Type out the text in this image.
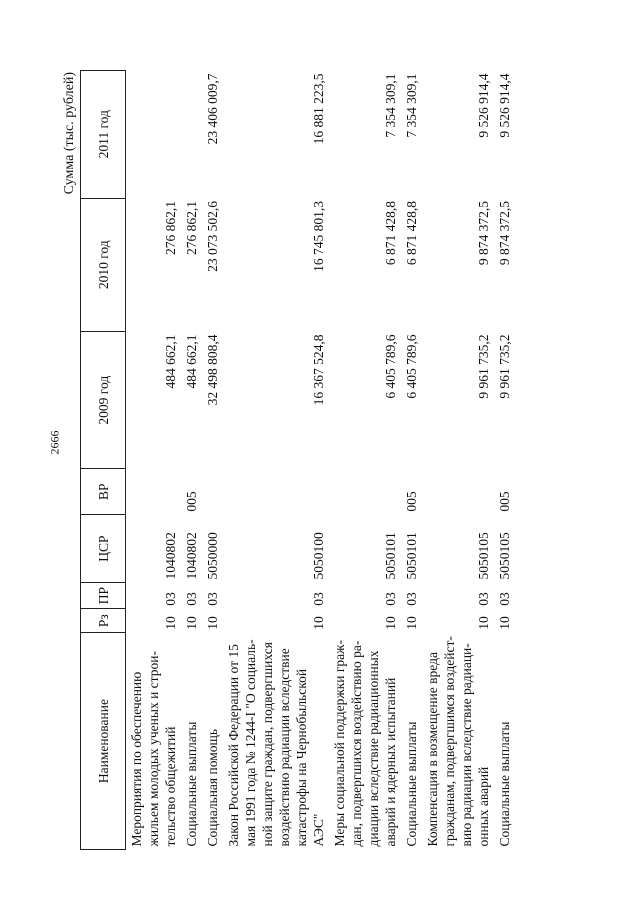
2666
Сумма (тыс. рублей)
Наименование	Рз	ПР	ЦСР	ВР	2009 год	2010 год	2011 год
Мероприятия по обеспечению жильем молодых ученых и строи-тельство общежитий	10	03	1040802		484 662,1	276 862,1	
Социальные выплаты	10	03	1040802	005	484 662,1	276 862,1	
Социальная помощь	10	03	5050000		32 498 808,4	23 073 502,6	23 406 009,7
Закон Российской Федерации от 15 мая 1991 года № 1244-I "О социаль-ной защите граждан, подвергшихся воздействию радиации вследствие катастрофы на Чернобыльской АЭС"	10	03	5050100		16 367 524,8	16 745 801,3	16 881 223,5
Меры социальной поддержки граж-дан, подвергшихся воздействию ра-диации вследствие радиационных аварий и ядерных испытаний	10	03	5050101		6 405 789,6	6 871 428,8	7 354 309,1
Социальные выплаты	10	03	5050101	005	6 405 789,6	6 871 428,8	7 354 309,1
Компенсация в возмещение вреда гражданам, подвергшимся воздейст-вию радиации вследствие радиаци-онных аварий	10	03	5050105		9 961 735,2	9 874 372,5	9 526 914,4
Социальные выплаты	10	03	5050105	005	9 961 735,2	9 874 372,5	9 526 914,4
